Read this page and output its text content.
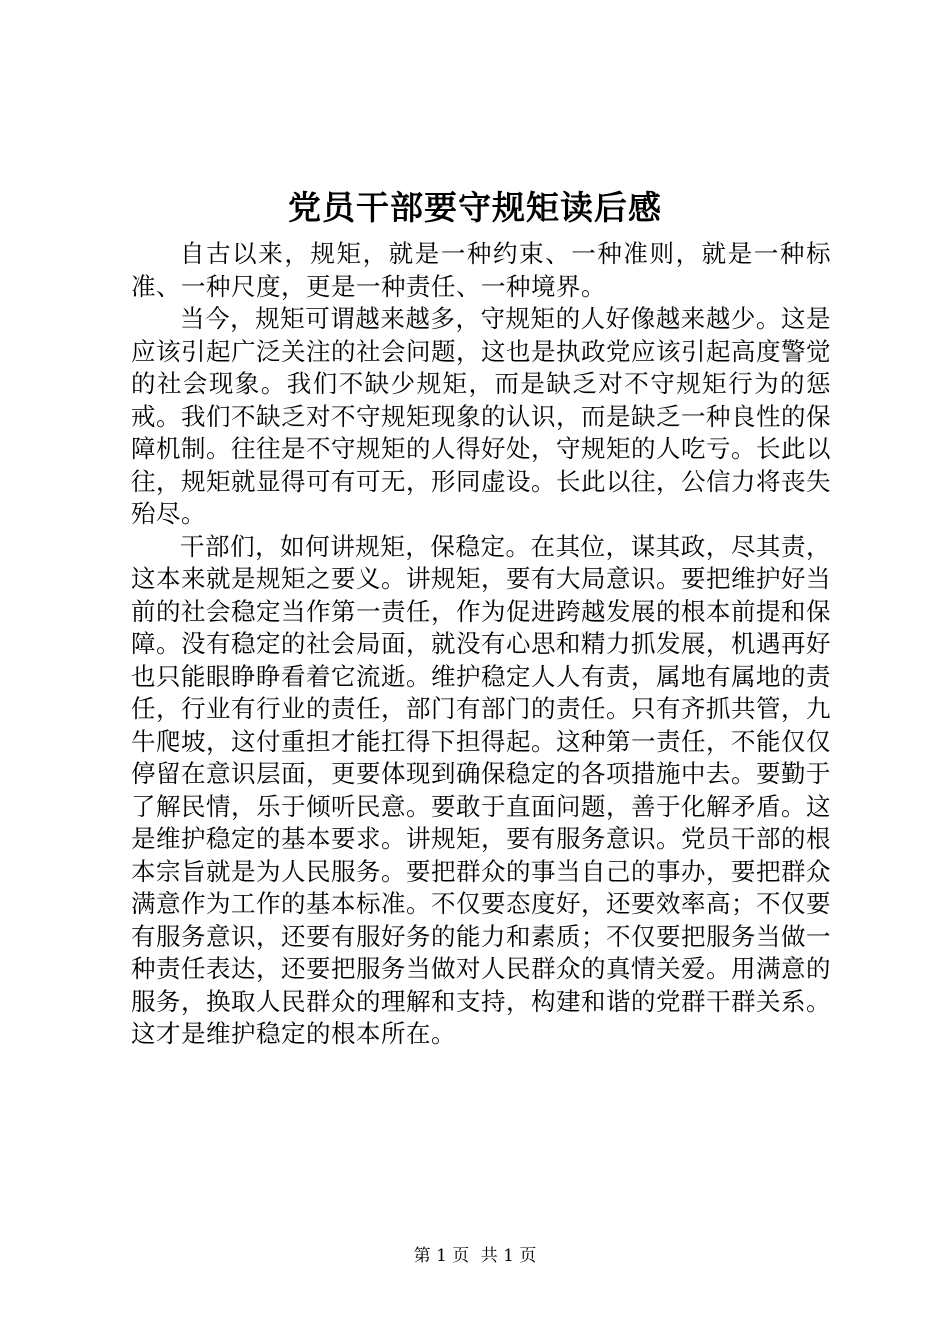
党员干部要守规矩读后感

自古以来，规矩，就是一种约束、一种准则，就是一种标准、一种尺度，更是一种责任、一种境界。

当今，规矩可谓越来越多，守规矩的人好像越来越少。这是应该引起广泛关注的社会问题，这也是执政党应该引起高度警觉的社会现象。我们不缺少规矩，而是缺乏对不守规矩行为的惩戒。我们不缺乏对不守规矩现象的认识，而是缺乏一种良性的保障机制。往往是不守规矩的人得好处，守规矩的人吃亏。长此以往，规矩就显得可有可无，形同虚设。长此以往，公信力将丧失殆尽。

干部们，如何讲规矩，保稳定。在其位，谋其政，尽其责，这本来就是规矩之要义。讲规矩，要有大局意识。要把维护好当前的社会稳定当作第一责任，作为促进跨越发展的根本前提和保障。没有稳定的社会局面，就没有心思和精力抓发展，机遇再好也只能眼睁睁看着它流逝。维护稳定人人有责，属地有属地的责任，行业有行业的责任，部门有部门的责任。只有齐抓共管，九牛爬坡，这付重担才能扛得下担得起。这种第一责任，不能仅仅停留在意识层面，更要体现到确保稳定的各项措施中去。要勤于了解民情，乐于倾听民意。要敢于直面问题，善于化解矛盾。这是维护稳定的基本要求。讲规矩，要有服务意识。党员干部的根本宗旨就是为人民服务。要把群众的事当自己的事办，要把群众满意作为工作的基本标准。不仅要态度好，还要效率高；不仅要有服务意识，还要有服好务的能力和素质；不仅要把服务当做一种责任表达，还要把服务当做对人民群众的真情关爱。用满意的服务，换取人民群众的理解和支持，构建和谐的党群干群关系。这才是维护稳定的根本所在。

第 1 页 共 1 页
